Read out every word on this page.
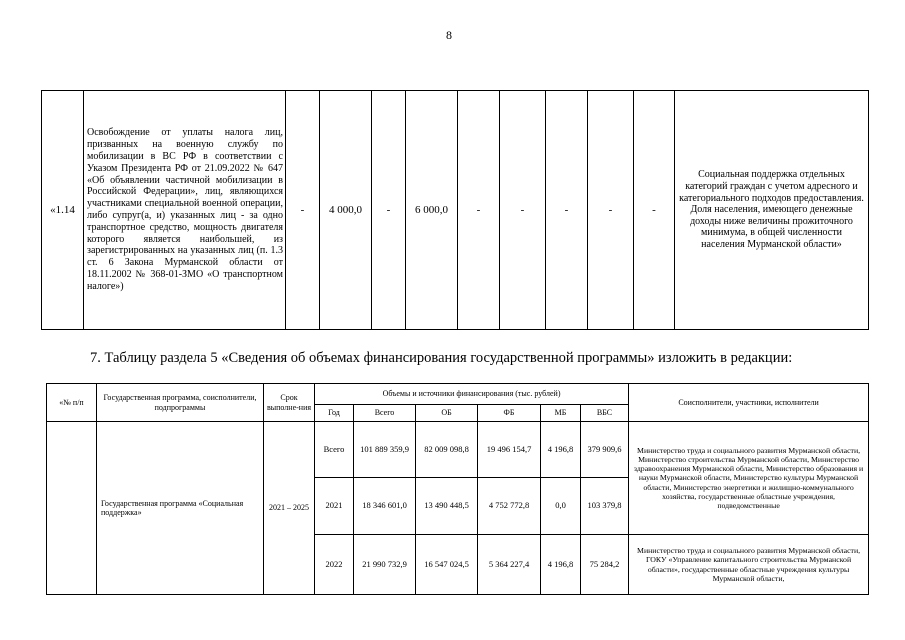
8
«1.14	Освобождение от уплаты налога лиц, призванных на военную службу по мобилизации в ВС РФ в соответствии с Указом Президента РФ от 21.09.2022 № 647 «Об объявлении частичной мобилизации в Российской Федерации», лиц, являющихся участниками специальной военной операции, либо супруг(а, и) указанных лиц - за одно транспортное средство, мощность двигателя которого является наибольшей, из зарегистрированных на указанных лиц (п. 1.3 ст. 6 Закона Мурманской области от 18.11.2002 № 368-01-ЗМО «О транспортном налоге»)	-	4 000,0	-	6 000,0	-	-	-	-	-	Социальная поддержка отдельных категорий граждан с учетом адресного и категориального подходов предоставления. Доля населения, имеющего денежные доходы ниже величины прожиточного минимума, в общей численности населения Мурманской области»
7. Таблицу раздела 5 «Сведения об объемах финансирования государственной программы» изложить в редакции:
«№ п/п	Государственная программа, соисполнители, подпрограммы	Срок выполне-ния	Объемы и источники финансирования (тыс. рублей)						Соисполнители, участники, исполнители
			Год	Всего	ОБ	ФБ	МБ	ВБС	
	Государственная программа «Социальная поддержка»	2021 – 2025	Всего	101 889 359,9	82 009 098,8	19 496 154,7	4 196,8	379 909,6	Министерство труда и социального развития Мурманской области, Министерство строительства Мурманской области, Министерство здравоохранения Мурманской области, Министерство образования и науки Мурманской области, Министерство культуры Мурманской области, Министерство энергетики и жилищно-коммунального хозяйства, государственные областные учреждения, подведомственные
			2021	18 346 601,0	13 490 448,5	4 752 772,8	0,0	103 379,8	
			2022	21 990 732,9	16 547 024,5	5 364 227,4	4 196,8	75 284,2	Министерство труда и социального развития Мурманской области, ГОКУ «Управление капитального строительства Мурманской области», государственные областные учреждения культуры Мурманской области,
